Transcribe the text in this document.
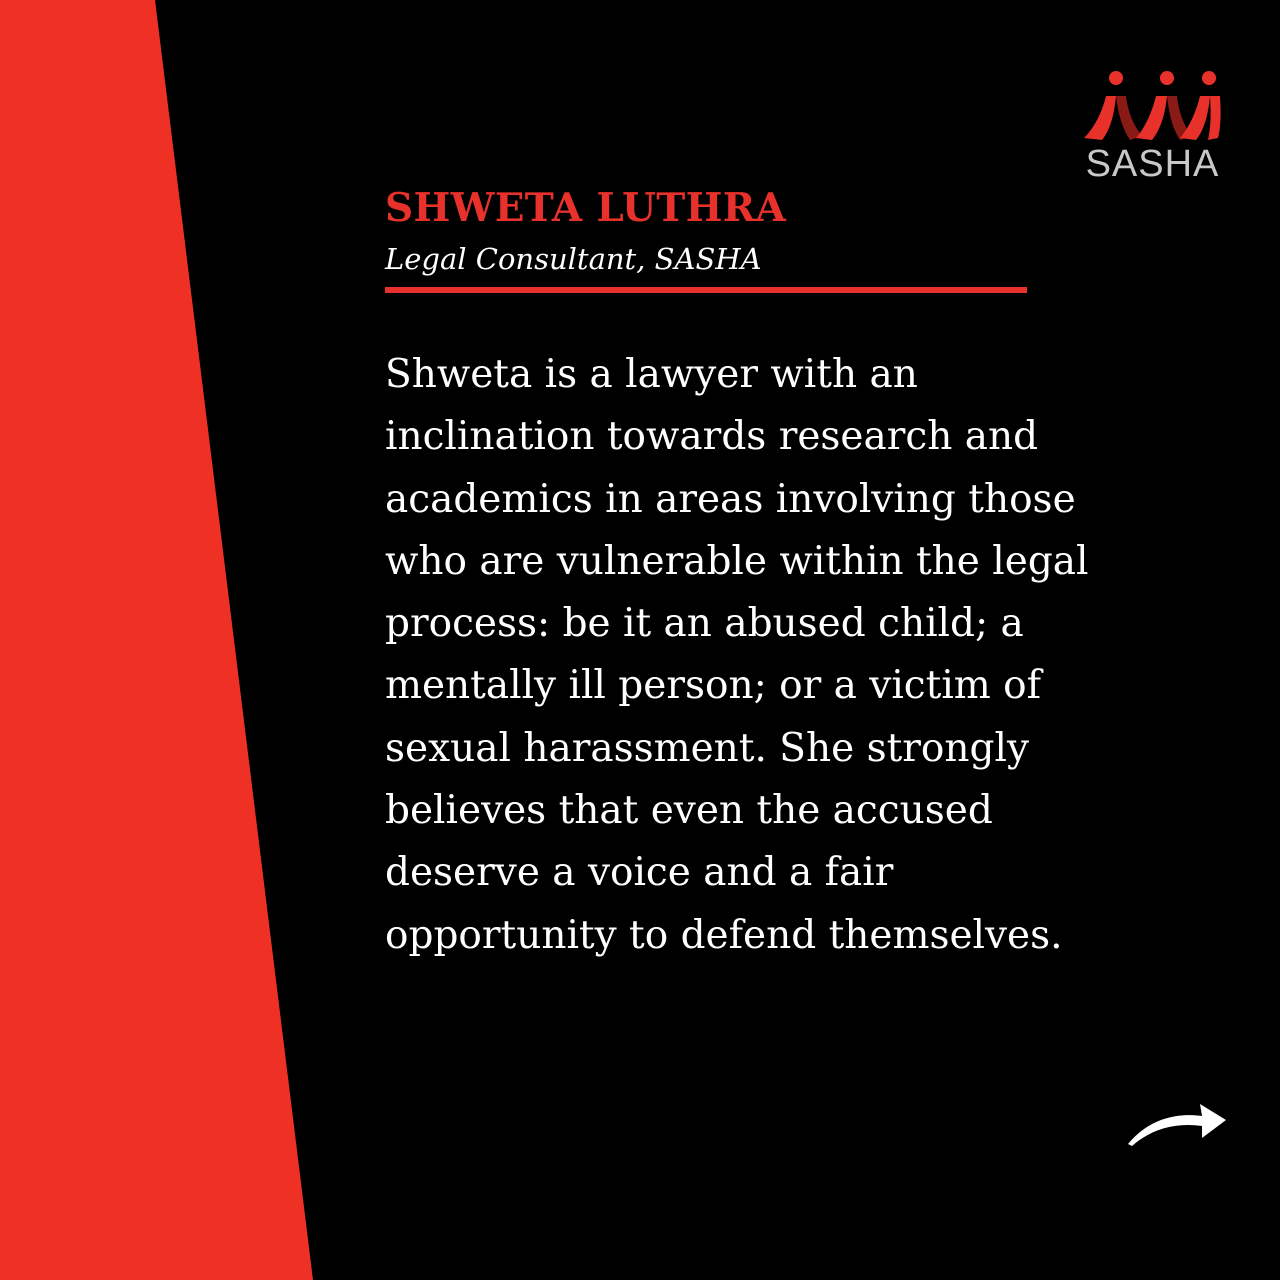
SASHA
SHWETA LUTHRA
Legal Consultant, SASHA
Shweta is a lawyer with an
inclination towards research and
academics in areas involving those
who are vulnerable within the legal
process: be it an abused child; a
mentally ill person; or a victim of
sexual harassment. She strongly
believes that even the accused
deserve a voice and a fair
opportunity to defend themselves.
